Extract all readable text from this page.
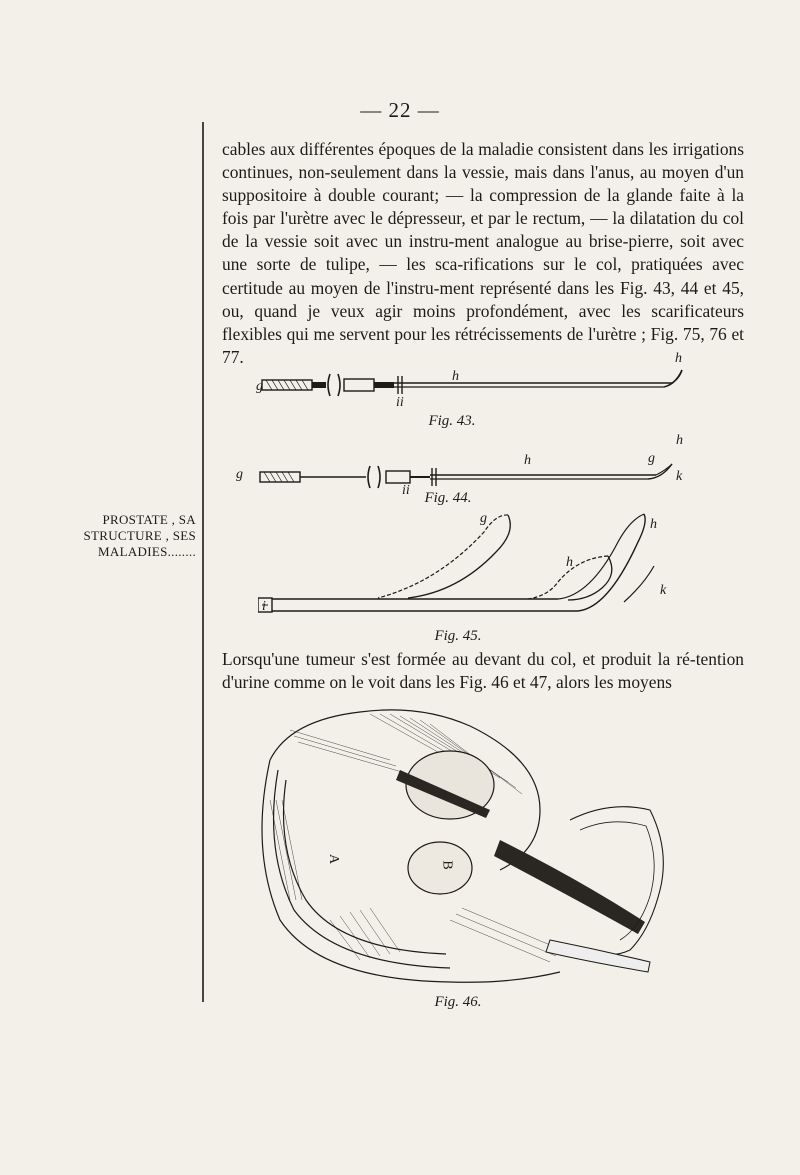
— 22 —
PROSTATE , SA
STRUCTURE , SES
MALADIES........
cables aux différentes époques de la maladie consistent dans les irrigations continues, non-seulement dans la vessie, mais dans l'anus, au moyen d'un suppositoire à double courant; — la compression de la glande faite à la fois par l'urètre avec le dépresseur, et par le rectum, — la dilatation du col de la vessie soit avec un instru-ment analogue au brise-pierre, soit avec une sorte de tulipe, — les sca-rifications sur le col, pratiquées avec certitude au moyen de l'instru-ment représenté dans les Fig. 43, 44 et 45, ou, quand je veux agir moins profondément, avec les scarificateurs flexibles qui me servent pour les rétrécissements de l'urètre ; Fig. 75, 76 et 77.
g
h
h
ii
Fig. 43.
g
h
h
g
k
ii Fig. 44.
g	h
h
k
i
Fig. 45.
Lorsqu'une tumeur s'est formée au devant du col, et produit la ré-tention d'urine comme on le voit dans les Fig. 46 et 47, alors les moyens
A
B
Fig. 46.
